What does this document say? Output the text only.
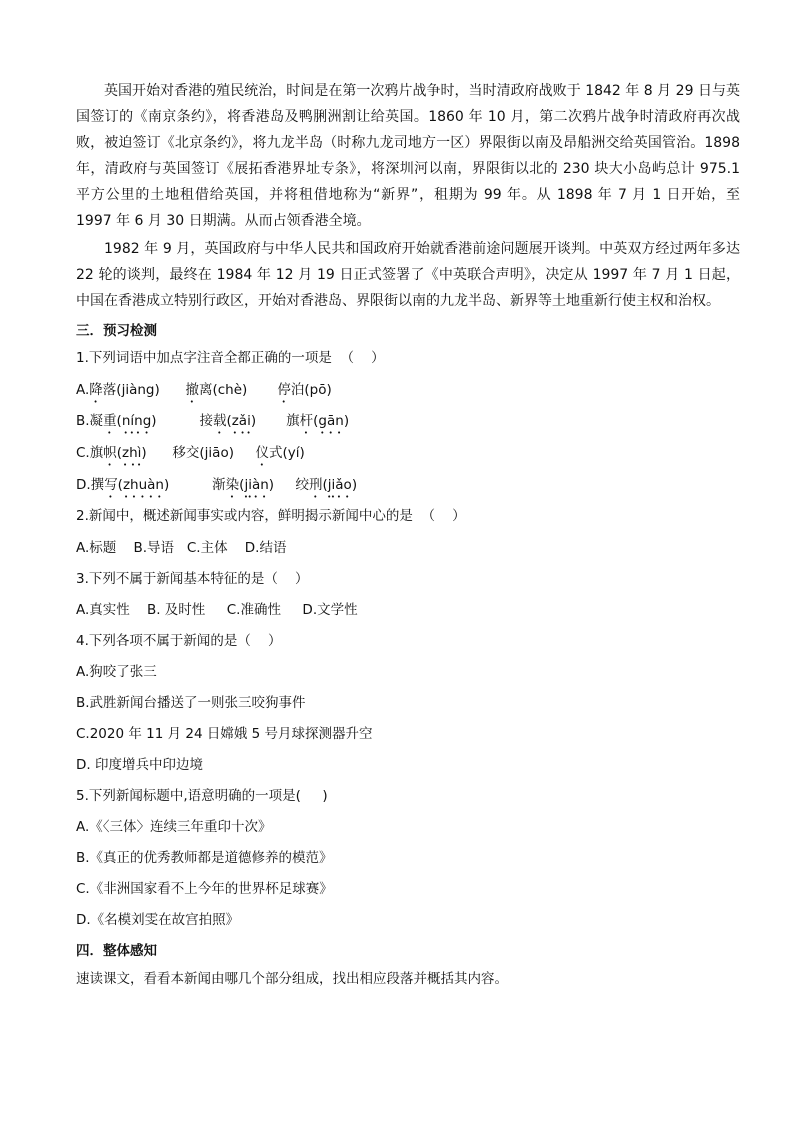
英国开始对香港的殖民统治，时间是在第一次鸦片战争时，当时清政府战败于 1842 年 8 月 29 日与英国签订的《南京条约》，将香港岛及鸭脷洲割让给英国。1860 年 10 月，第二次鸦片战争时清政府再次战败，被迫签订《北京条约》，将九龙半岛（时称九龙司地方一区）界限街以南及昂船洲交给英国管治。1898 年，清政府与英国签订《展拓香港界址专条》，将深圳河以南，界限街以北的 230 块大小岛屿总计 975.1 平方公里的土地租借给英国，并将租借地称为“新界”，租期为 99 年。从 1898 年 7 月 1 日开始，至 1997 年 6 月 30 日期满。从而占领香港全境。

1982 年 9 月，英国政府与中华人民共和国政府开始就香港前途问题展开谈判。中英双方经过两年多达 22 轮的谈判，最终在 1984 年 12 月 19 日正式签署了《中英联合声明》，决定从 1997 年 7 月 1 日起，中国在香港成立特别行政区，开始对香港岛、界限街以南的九龙半岛、新界等土地重新行使主权和治权。

三．预习检测

1.下列词语中加点字注音全都正确的一项是  （    ）

A.降落(jiàng)      撤离(chè)       停泊(pō)

B.凝重(níng)          接载(zǎi)       旗杆(gān)

C.旗帜(zhì)      移交(jiāo)     仪式(yí)

D.撰写(zhuàn)          渐染(jiàn)     绞刑(jiǎo)

2.新闻中，概述新闻事实或内容，鲜明揭示新闻中心的是  （    ）

A.标题    B.导语   C.主体    D.结语

3.下列不属于新闻基本特征的是（    ）

A.真实性    B. 及时性     C.准确性     D.文学性

4.下列各项不属于新闻的是（    ）

A.狗咬了张三

B.武胜新闻台播送了一则张三咬狗事件

C.2020 年 11 月 24 日嫦娥 5 号月球探测器升空

D. 印度增兵中印边境

5.下列新闻标题中,语意明确的一项是(     )

A.《〈三体〉连续三年重印十次》

B.《真正的优秀教师都是道德修养的模范》

C.《非洲国家看不上今年的世界杯足球赛》

D.《名模刘雯在故宫拍照》

四．整体感知

速读课文，看看本新闻由哪几个部分组成，找出相应段落并概括其内容。
